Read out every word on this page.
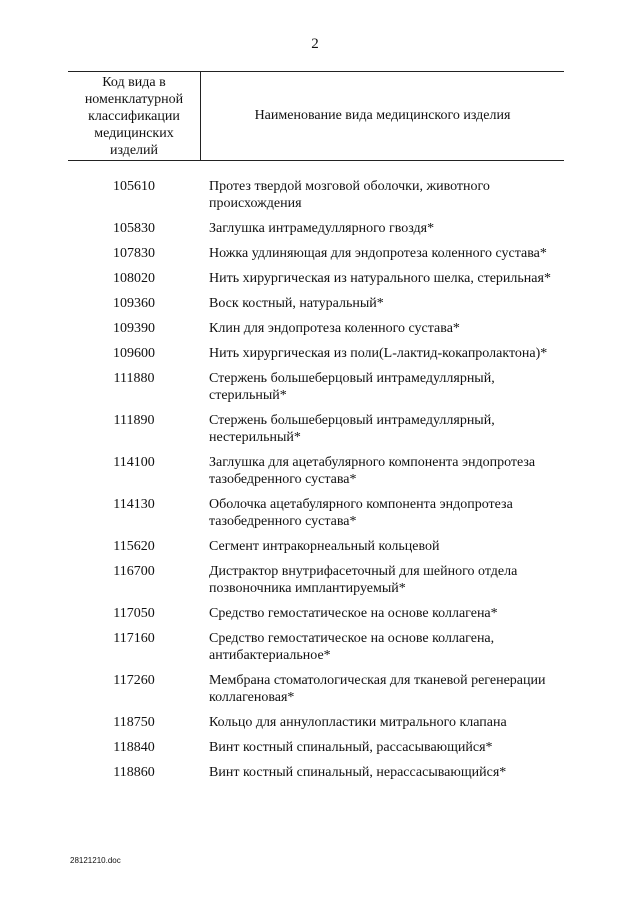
2
Код вида в
номенклатурной
классификации
медицинских
изделий
Наименование вида медицинского изделия
105610	Протез твердой мозговой оболочки, животного происхождения
105830	Заглушка интрамедуллярного гвоздя*
107830	Ножка удлиняющая для эндопротеза коленного сустава*
108020	Нить хирургическая из натурального шелка, стерильная*
109360	Воск костный, натуральный*
109390	Клин для эндопротеза коленного сустава*
109600	Нить хирургическая из поли(L-лактид-кокапролактона)*
111880	Стержень большеберцовый интрамедуллярный, стерильный*
111890	Стержень большеберцовый интрамедуллярный, нестерильный*
114100	Заглушка для ацетабулярного компонента эндопротеза тазобедренного сустава*
114130	Оболочка ацетабулярного компонента эндопротеза тазобедренного сустава*
115620	Сегмент интракорнеальный кольцевой
116700	Дистрактор внутрифасеточный для шейного отдела позвоночника имплантируемый*
117050	Средство гемостатическое на основе коллагена*
117160	Средство гемостатическое на основе коллагена, антибактериальное*
117260	Мембрана стоматологическая для тканевой регенерации коллагеновая*
118750	Кольцо для аннулопластики митрального клапана
118840	Винт костный спинальный, рассасывающийся*
118860	Винт костный спинальный, нерассасывающийся*
28121210.doc
